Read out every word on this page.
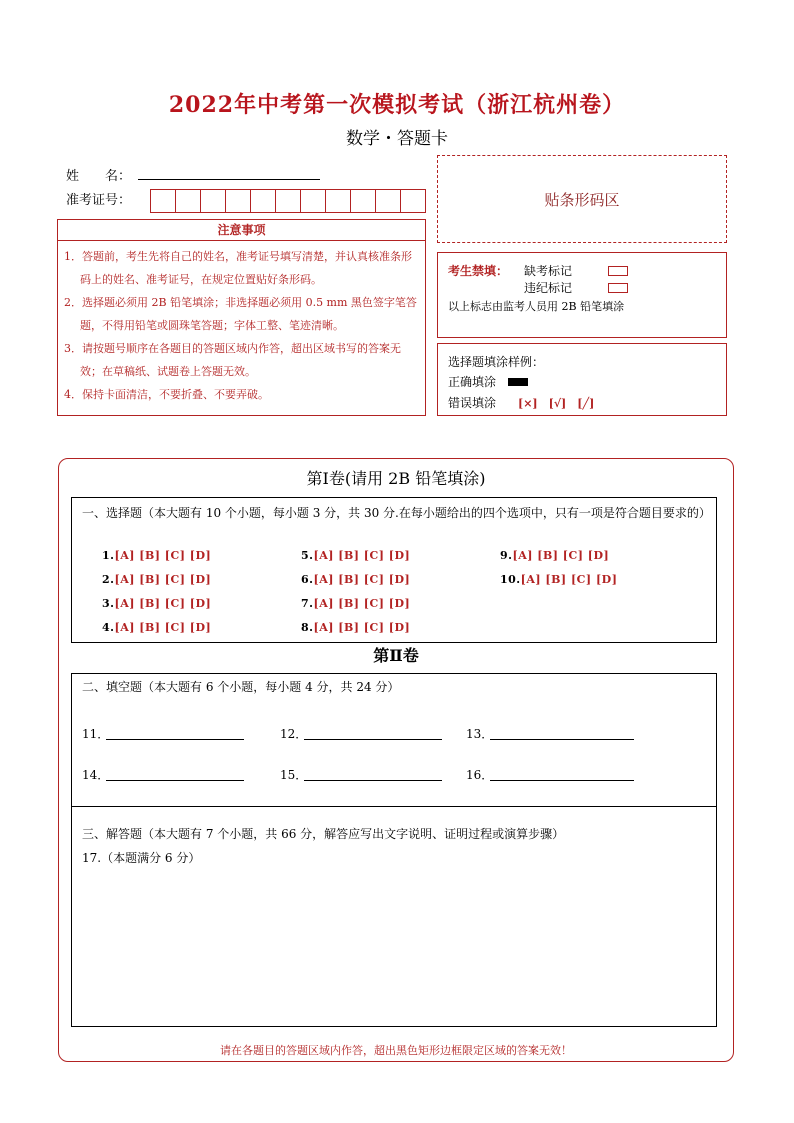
2022年中考第一次模拟考试（浙江杭州卷）
数学・答题卡
姓　　名：
准考证号：	贴条形码区
注意事项
1．答题前，考生先将自己的姓名，准考证号填写清楚，并认真核准条形码上的姓名、准考证号，在规定位置贴好条形码。
2．选择题必须用 2B 铅笔填涂；非选择题必须用 0.5 mm 黑色签字笔答题，不得用铅笔或圆珠笔答题；字体工整、笔迹清晰。
3．请按题号顺序在各题目的答题区域内作答，超出区域书写的答案无效；在草稿纸、试题卷上答题无效。
4．保持卡面清洁，不要折叠、不要弄破。
考生禁填： 缺考标记
违纪标记
以上标志由监考人员用 2B 铅笔填涂
选择题填涂样例：
正确填涂
错误填涂 [×]　[√]　[╱]
第Ⅰ卷(请用 2B 铅笔填涂)
一、选择题（本大题有 10 个小题，每小题 3 分，共 30 分.在每小题给出的四个选项中，只有一项是符合题目要求的）
1.[A] [B] [C] [D]
2.[A] [B] [C] [D]
3.[A] [B] [C] [D]
4.[A] [B] [C] [D]
5.[A] [B] [C] [D]
6.[A] [B] [C] [D]
7.[A] [B] [C] [D]
8.[A] [B] [C] [D]
9.[A] [B] [C] [D]
10.[A] [B] [C] [D]
第Ⅱ卷
二、填空题（本大题有 6 个小题，每小题 4 分，共 24 分）
11．	12．	13．
14．	15．	16．
三、解答题（本大题有 7 个小题，共 66 分，解答应写出文字说明、证明过程或演算步骤）
17.（本题满分 6 分）
请在各题目的答题区域内作答，超出黑色矩形边框限定区域的答案无效！
